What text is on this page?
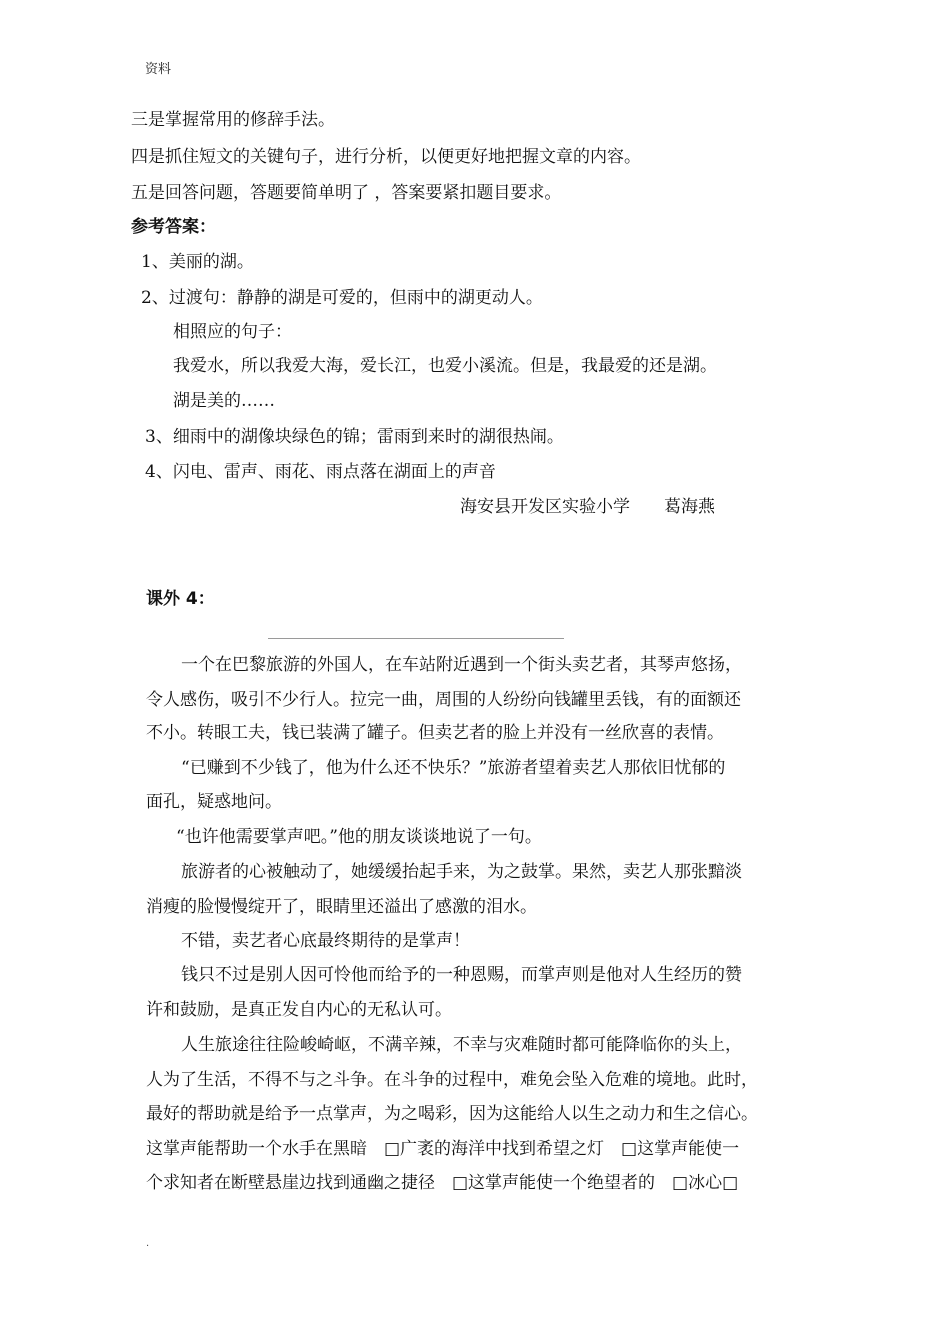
资料
三是掌握常用的修辞手法。
四是抓住短文的关键句子，进行分析，以便更好地把握文章的内容。
五是回答问题，答题要简单明了 ，答案要紧扣题目要求。
参考答案：
1、美丽的湖。
2、过渡句：静静的湖是可爱的，但雨中的湖更动人。
相照应的句子：
我爱水，所以我爱大海，爱长江，也爱小溪流。但是，我最爱的还是湖。
湖是美的……
3、细雨中的湖像块绿色的锦；雷雨到来时的湖很热闹。
4、闪电、雷声、雨花、雨点落在湖面上的声音
海安县开发区实验小学　　葛海燕
课外 4：
一个在巴黎旅游的外国人，在车站附近遇到一个街头卖艺者，其琴声悠扬，
令人感伤，吸引不少行人。拉完一曲，周围的人纷纷向钱罐里丢钱，有的面额还
不小。转眼工夫，钱已装满了罐子。但卖艺者的脸上并没有一丝欣喜的表情。
“已赚到不少钱了，他为什么还不快乐？”旅游者望着卖艺人那依旧忧郁的
面孔，疑惑地问。
“也许他需要掌声吧。”他的朋友谈谈地说了一句。
旅游者的心被触动了，她缓缓抬起手来，为之鼓掌。果然，卖艺人那张黯淡
消瘦的脸慢慢绽开了，眼睛里还溢出了感激的泪水。
不错，卖艺者心底最终期待的是掌声！
钱只不过是别人因可怜他而给予的一种恩赐，而掌声则是他对人生经历的赞
许和鼓励，是真正发自内心的无私认可。
人生旅途往往险峻崎岖，不满辛辣，不幸与灾难随时都可能降临你的头上，
人为了生活，不得不与之斗争。在斗争的过程中，难免会坠入危难的境地。此时，
最好的帮助就是给予一点掌声，为之喝彩，因为这能给人以生之动力和生之信心。
这掌声能帮助一个水手在黑暗　□广袤的海洋中找到希望之灯　□这掌声能使一
个求知者在断壁悬崖边找到通幽之捷径　□这掌声能使一个绝望者的　□冰心□
.
